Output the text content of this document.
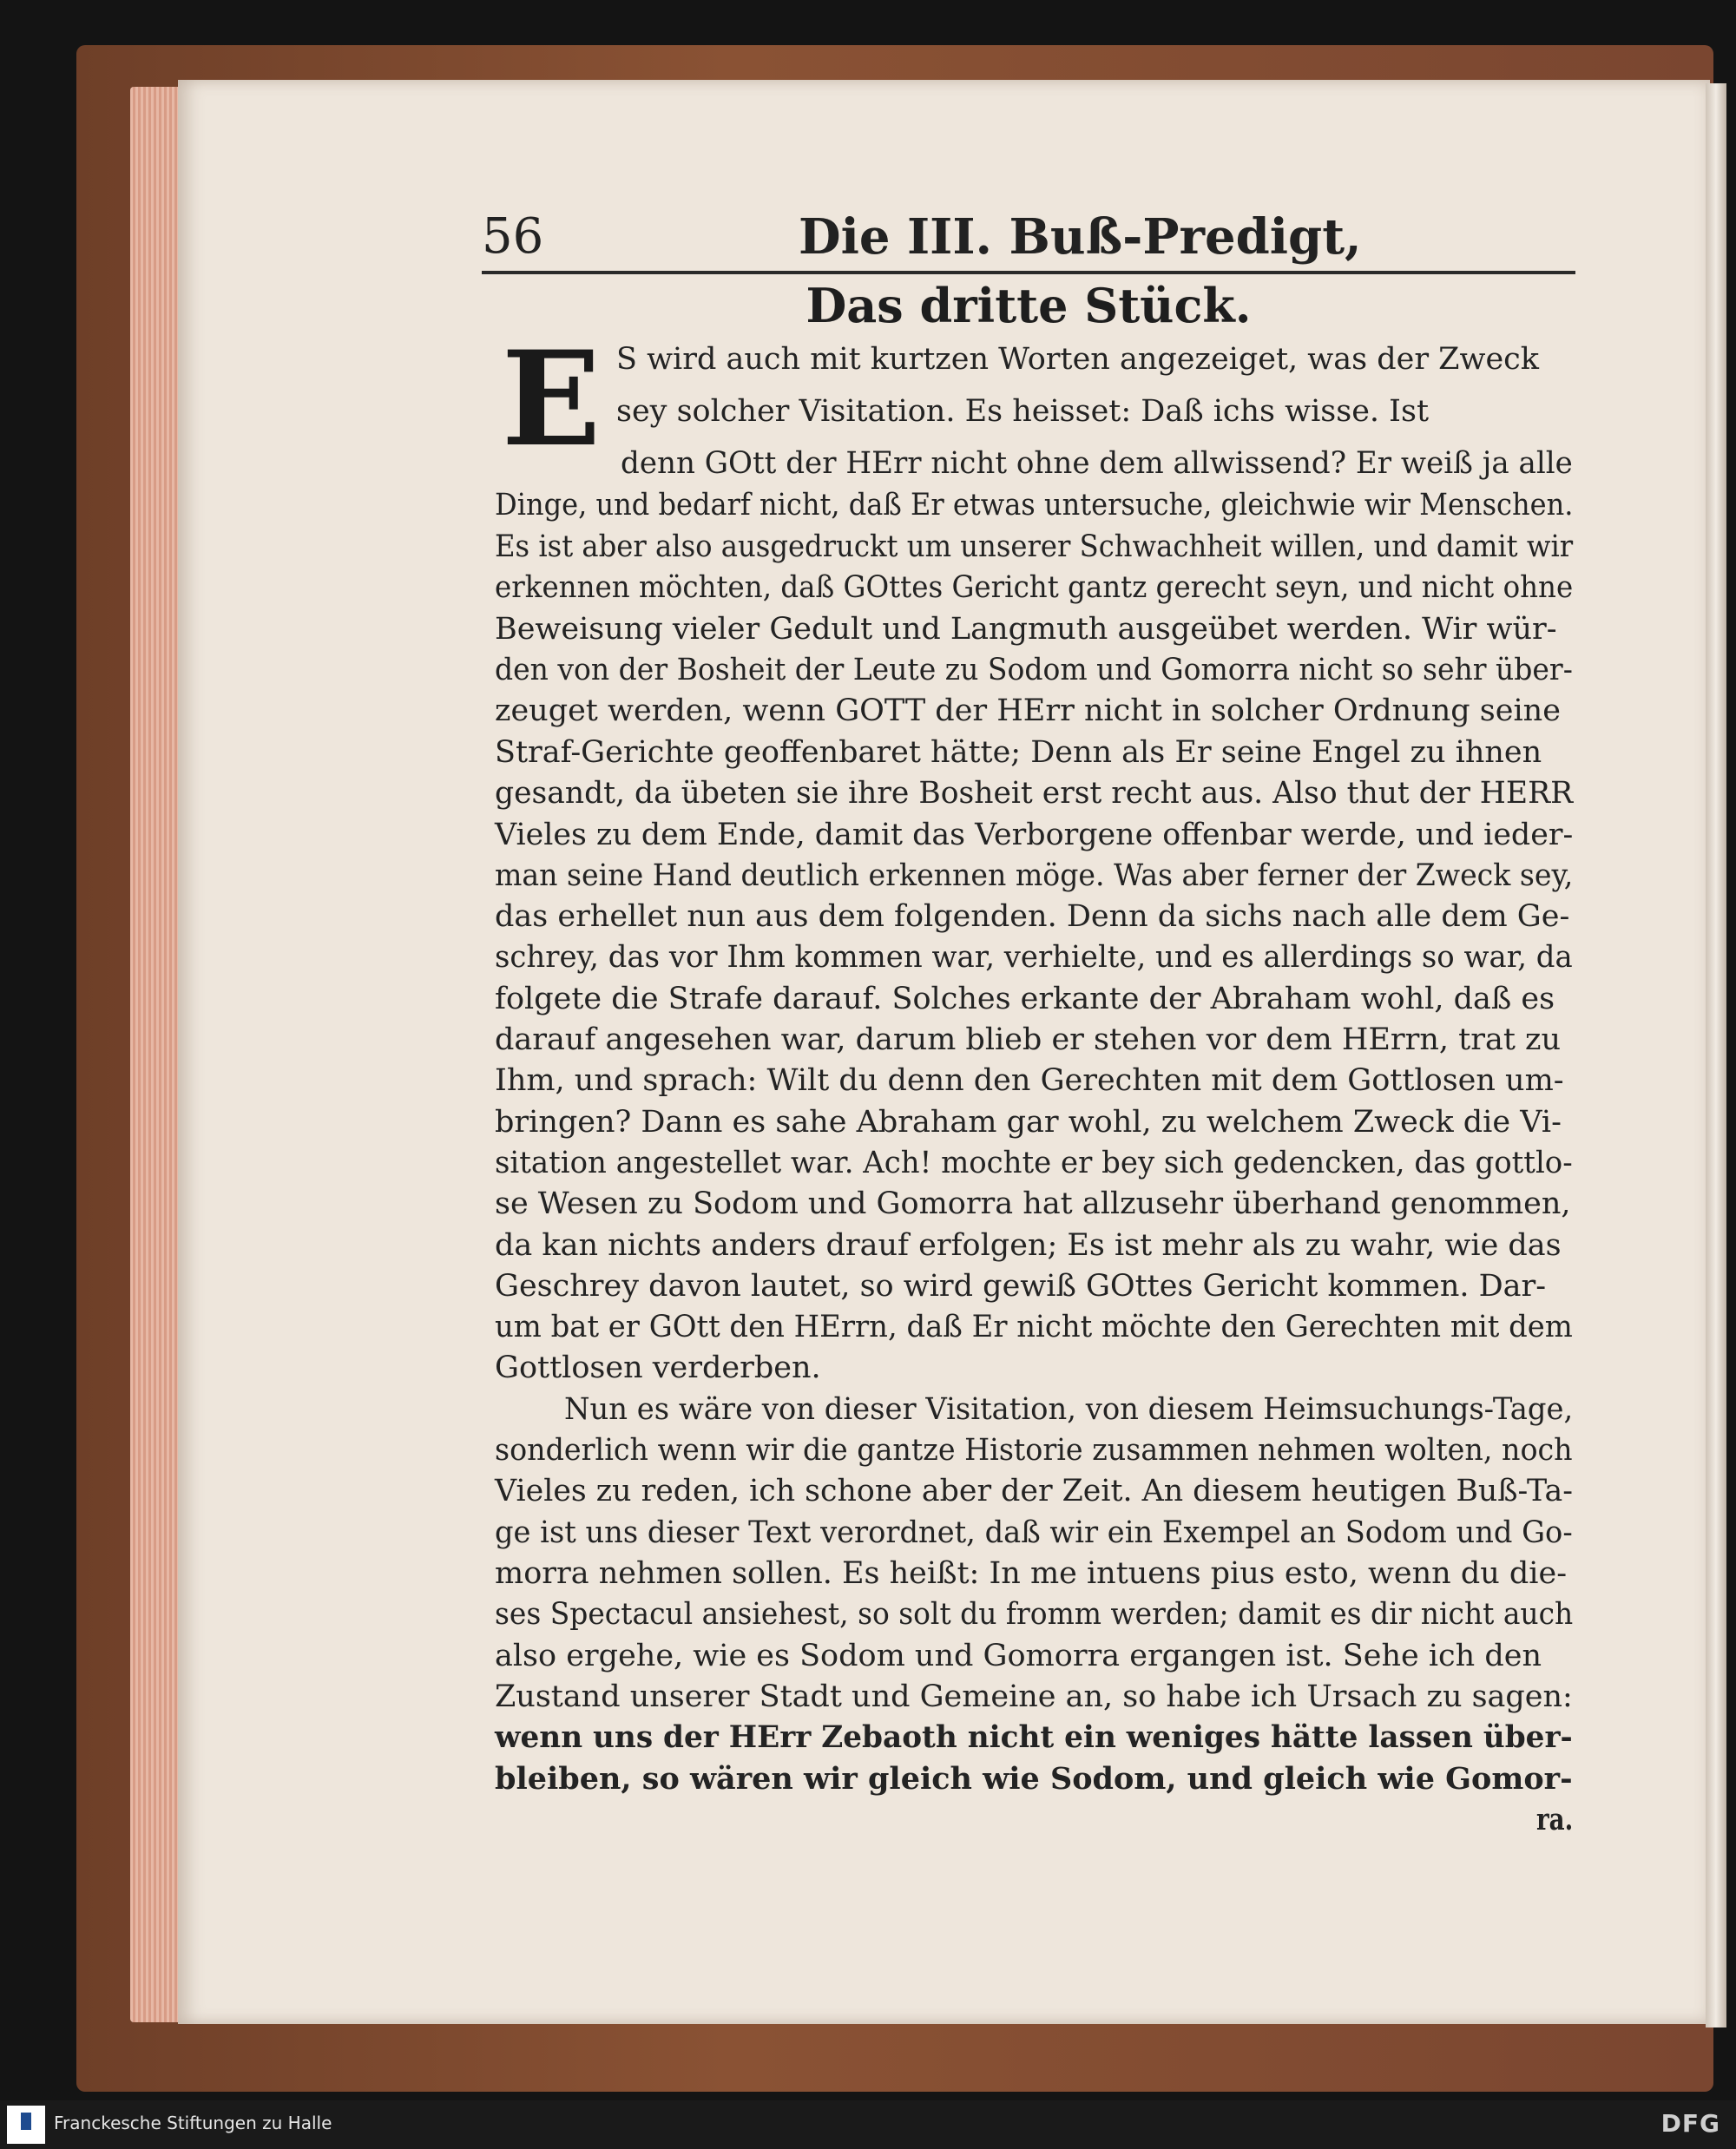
56	Die III. Buß-Predigt,
Das dritte Stück.
E S wird auch mit kurtzen Worten angezeiget, was der Zweck
sey solcher Visitation. Es heisset: Daß ichs wisse. Ist
denn GOtt der HErr nicht ohne dem allwissend? Er weiß ja alle
Dinge, und bedarf nicht, daß Er etwas untersuche, gleichwie wir Menschen.
Es ist aber also ausgedruckt um unserer Schwachheit willen, und damit wir
erkennen möchten, daß GOttes Gericht gantz gerecht seyn, und nicht ohne
Beweisung vieler Gedult und Langmuth ausgeübet werden. Wir wür-
den von der Bosheit der Leute zu Sodom und Gomorra nicht so sehr über-
zeuget werden, wenn GOTT der HErr nicht in solcher Ordnung seine
Straf-Gerichte geoffenbaret hätte; Denn als Er seine Engel zu ihnen
gesandt, da übeten sie ihre Bosheit erst recht aus. Also thut der HERR
Vieles zu dem Ende, damit das Verborgene offenbar werde, und ieder-
man seine Hand deutlich erkennen möge. Was aber ferner der Zweck sey,
das erhellet nun aus dem folgenden. Denn da sichs nach alle dem Ge-
schrey, das vor Ihm kommen war, verhielte, und es allerdings so war, da
folgete die Strafe darauf. Solches erkante der Abraham wohl, daß es
darauf angesehen war, darum blieb er stehen vor dem HErrn, trat zu
Ihm, und sprach: Wilt du denn den Gerechten mit dem Gottlosen um-
bringen? Dann es sahe Abraham gar wohl, zu welchem Zweck die Vi-
sitation angestellet war. Ach! mochte er bey sich gedencken, das gottlo-
se Wesen zu Sodom und Gomorra hat allzusehr überhand genommen,
da kan nichts anders drauf erfolgen; Es ist mehr als zu wahr, wie das
Geschrey davon lautet, so wird gewiß GOttes Gericht kommen. Dar-
um bat er GOtt den HErrn, daß Er nicht möchte den Gerechten mit dem
Gottlosen verderben.
Nun es wäre von dieser Visitation, von diesem Heimsuchungs-Tage,
sonderlich wenn wir die gantze Historie zusammen nehmen wolten, noch
Vieles zu reden, ich schone aber der Zeit. An diesem heutigen Buß-Ta-
ge ist uns dieser Text verordnet, daß wir ein Exempel an Sodom und Go-
morra nehmen sollen. Es heißt: In me intuens pius esto, wenn du die-
ses Spectacul ansiehest, so solt du fromm werden; damit es dir nicht auch
also ergehe, wie es Sodom und Gomorra ergangen ist. Sehe ich den
Zustand unserer Stadt und Gemeine an, so habe ich Ursach zu sagen:
wenn uns der HErr Zebaoth nicht ein weniges hätte lassen über-
bleiben, so wären wir gleich wie Sodom, und gleich wie Gomor-
ra.
Franckesche Stiftungen zu Halle	DFG
